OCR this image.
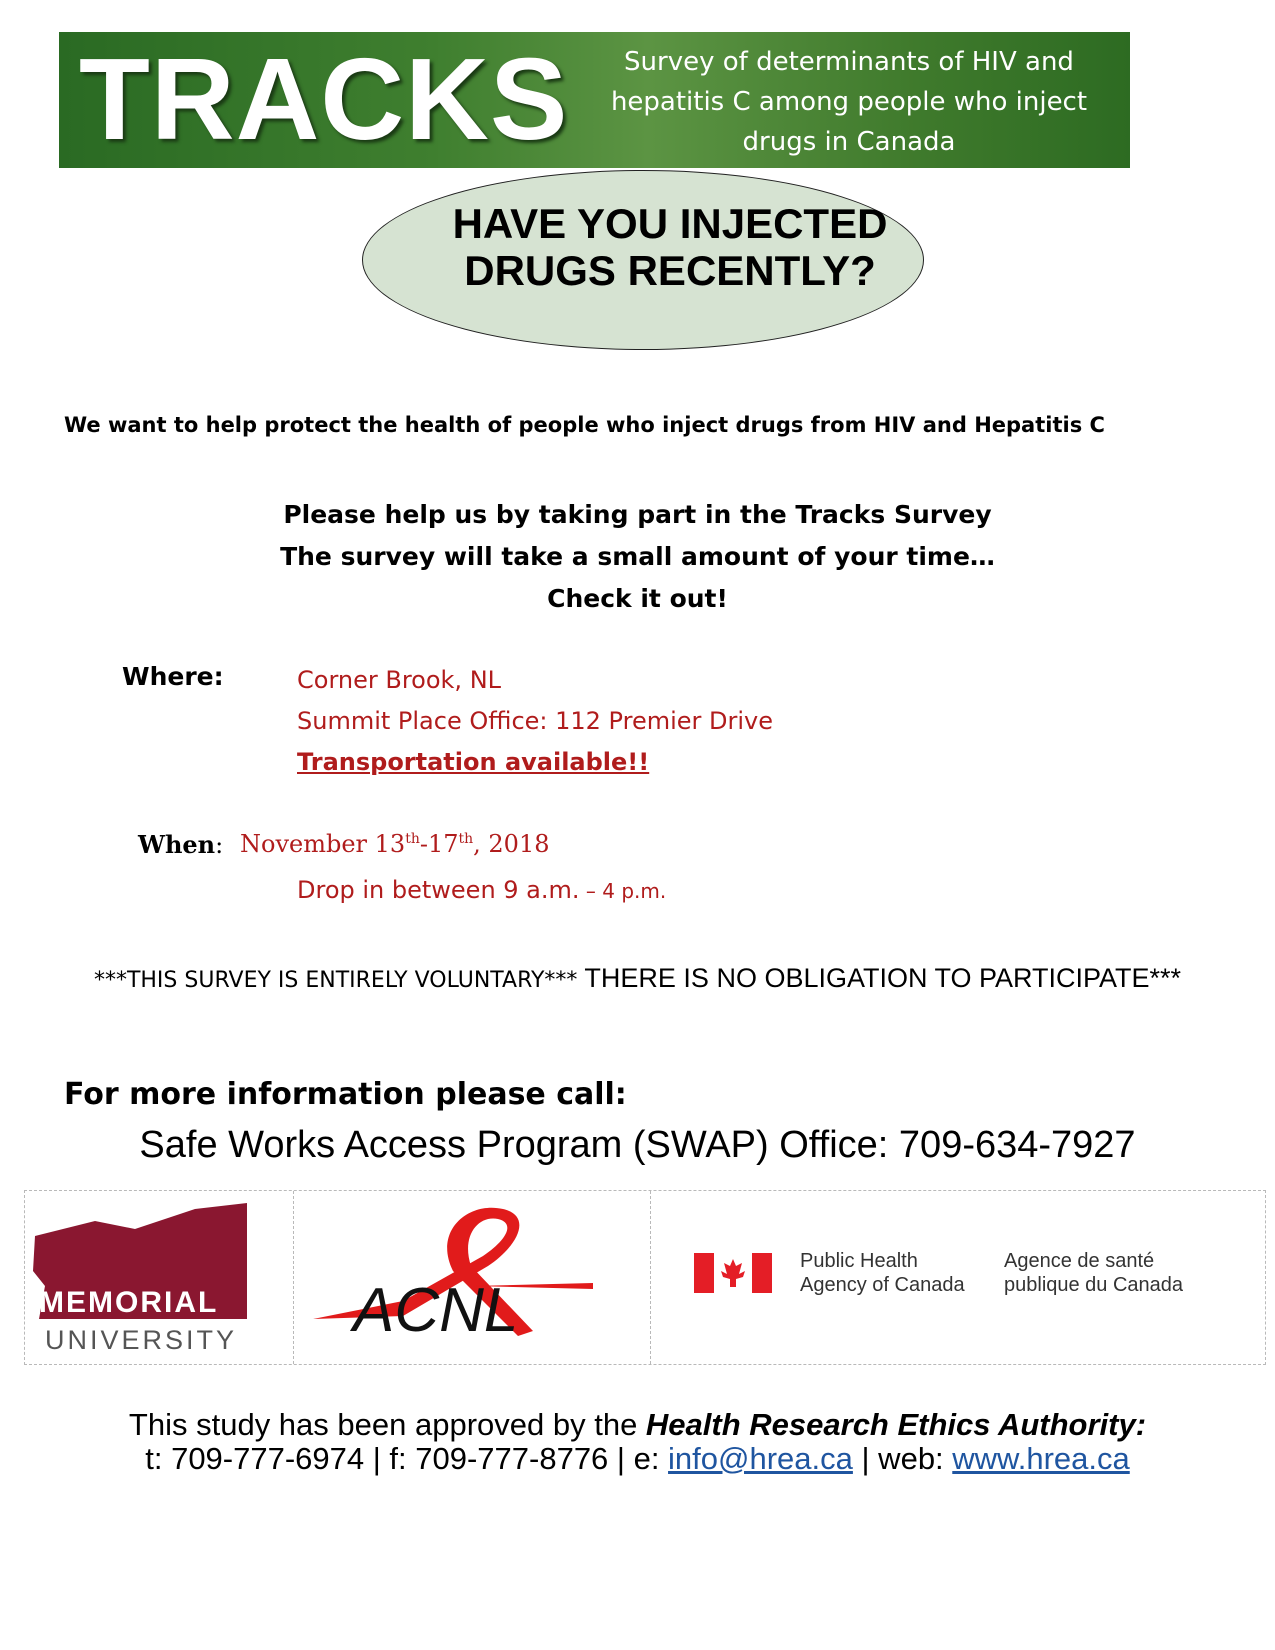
TRACKS	Survey of determinants of HIV and
hepatitis C among people who inject
drugs in Canada
HAVE YOU INJECTED
DRUGS RECENTLY?
We want to help protect the health of people who inject drugs from HIV and Hepatitis C
Please help us by taking part in the Tracks Survey
The survey will take a small amount of your time…
Check it out!
Where:	Corner Brook, NL
Summit Place Office: 112 Premier Drive
Transportation available!!
When: November 13th-17th, 2018
Drop in between 9 a.m. – 4 p.m.
***THIS SURVEY IS ENTIRELY VOLUNTARY*** THERE IS NO OBLIGATION TO PARTICIPATE***
For more information please call:
Safe Works Access Program (SWAP) Office: 709-634-7927
MEMORIAL
UNIVERSITY ACNL
Public Health
Agency of Canada
Agence de santé
publique du Canada
This study has been approved by the Health Research Ethics Authority:
t: 709-777-6974 | f: 709-777-8776 | e: info@hrea.ca | web: www.hrea.ca
